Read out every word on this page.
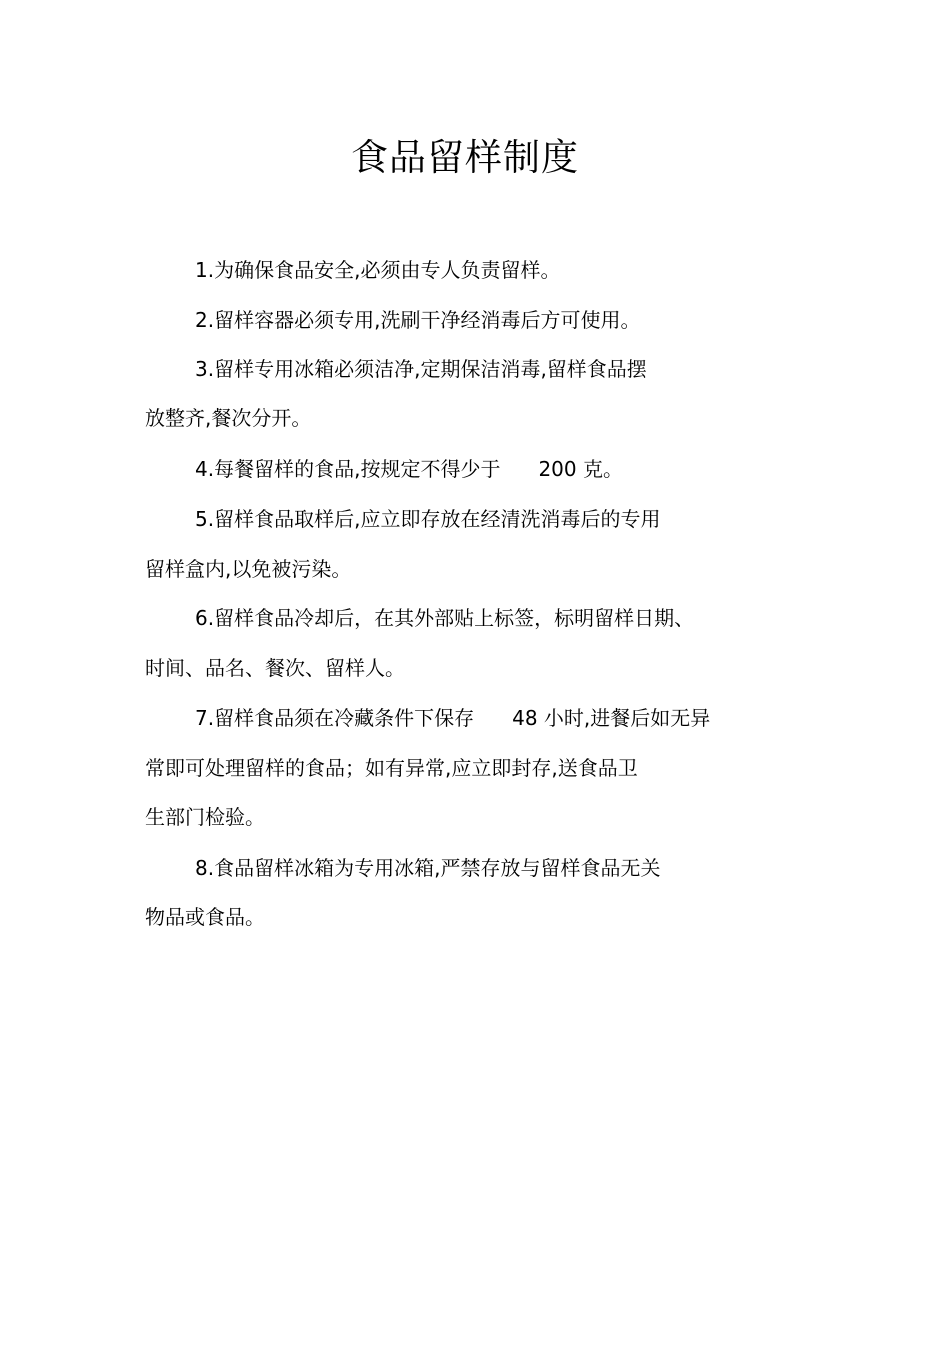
食品留样制度
1.为确保食品安全,必须由专人负责留样。
2.留样容器必须专用,洗刷干净经消毒后方可使用。
3.留样专用冰箱必须洁净,定期保洁消毒,留样食品摆
放整齐,餐次分开。
4.每餐留样的食品,按规定不得少于 200 克。
5.留样食品取样后,应立即存放在经清洗消毒后的专用
留样盒内,以免被污染。
6.留样食品冷却后，在其外部贴上标签，标明留样日期、
时间、品名、餐次、留样人。
7.留样食品须在冷藏条件下保存 48 小时,进餐后如无异
常即可处理留样的食品；如有异常,应立即封存,送食品卫
生部门检验。
8.食品留样冰箱为专用冰箱,严禁存放与留样食品无关
物品或食品。
